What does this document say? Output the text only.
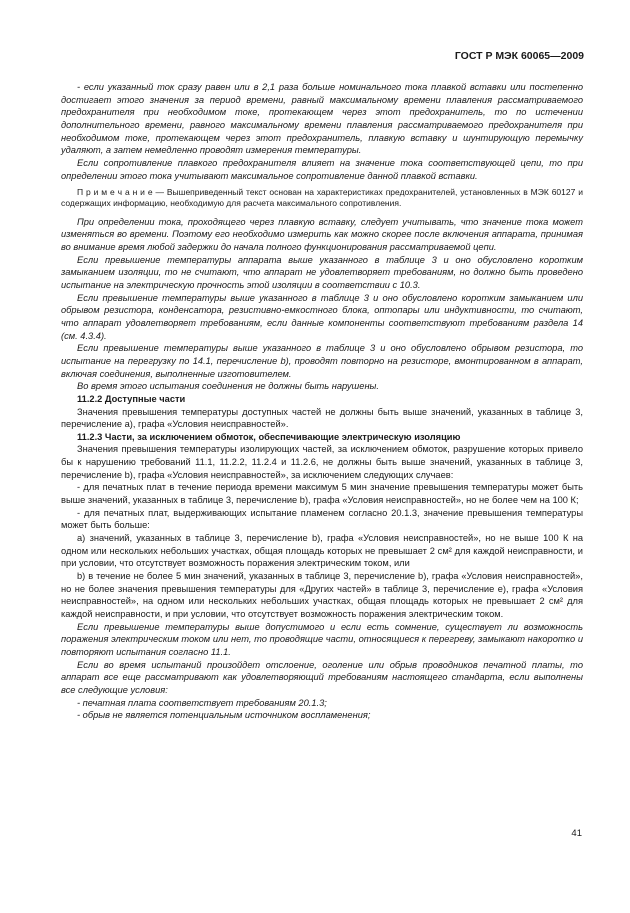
ГОСТ Р МЭК 60065—2009

- если указанный ток сразу равен или в 2,1 раза больше номинального тока плавкой вставки или постепенно достигает этого значения за период времени, равный максимальному времени плавления рассматриваемого предохранителя при необходимом токе, протекающем через этот предохранитель, то по истечении дополнительного времени, равного максимальному времени плавления рассматриваемого предохранителя при необходимом токе, протекающем через этот предохранитель, плавкую вставку и шунтирующую перемычку удаляют, а затем немедленно проводят измерения температуры.

Если сопротивление плавкого предохранителя влияет на значение тока соответствующей цепи, то при определении этого тока учитывают максимальное сопротивление данной плавкой вставки.

П р и м е ч а н и е — Вышеприведенный текст основан на характеристиках предохранителей, установленных в МЭК 60127 и содержащих информацию, необходимую для расчета максимального сопротивления.

При определении тока, проходящего через плавкую вставку, следует учитывать, что значение тока может изменяться во времени. Поэтому его необходимо измерить как можно скорее после включения аппарата, принимая во внимание время любой задержки до начала полного функционирования рассматриваемой цепи.

Если превышение температуры аппарата выше указанного в таблице 3 и оно обусловлено коротким замыканием изоляции, то не считают, что аппарат не удовлетворяет требованиям, но должно быть проведено испытание на электрическую прочность этой изоляции в соответствии с 10.3.

Если превышение температуры выше указанного в таблице 3 и оно обусловлено коротким замыканием или обрывом резистора, конденсатора, резистивно-емкостного блока, оптопары или индуктивности, то считают, что аппарат удовлетворяет требованиям, если данные компоненты соответствуют требованиям раздела 14 (см. 4.3.4).

Если превышение температуры выше указанного в таблице 3 и оно обусловлено обрывом резистора, то испытание на перегрузку по 14.1, перечисление b), проводят повторно на резисторе, вмонтированном в аппарат, включая соединения, выполненные изготовителем.

Во время этого испытания соединения не должны быть нарушены.

11.2.2 Доступные части

Значения превышения температуры доступных частей не должны быть выше значений, указанных в таблице 3, перечисление а), графа «Условия неисправностей».

11.2.3 Части, за исключением обмоток, обеспечивающие электрическую изоляцию

Значения превышения температуры изолирующих частей, за исключением обмоток, разрушение которых привело бы к нарушению требований 11.1, 11.2.2, 11.2.4 и 11.2.6, не должны быть выше значений, указанных в таблице 3, перечисление b), графа «Условия неисправностей», за исключением следующих случаев:

- для печатных плат в течение периода времени максимум 5 мин значение превышения температуры может быть выше значений, указанных в таблице 3, перечисление b), графа «Условия неисправностей», но не более чем на 100 К;

- для печатных плат, выдерживающих испытание пламенем согласно 20.1.3, значение превышения температуры может быть больше:

а) значений, указанных в таблице 3, перечисление b), графа «Условия неисправностей», но не выше 100 К на одном или нескольких небольших участках, общая площадь которых не превышает 2 см² для каждой неисправности, и при условии, что отсутствует возможность поражения электрическим током, или

b) в течение не более 5 мин значений, указанных в таблице 3, перечисление b), графа «Условия неисправностей», но не более значения превышения температуры для «Других частей» в таблице 3, перечисление е), графа «Условия неисправностей», на одном или нескольких небольших участках, общая площадь которых не превышает 2 см² для каждой неисправности, и при условии, что отсутствует возможность поражения электрическим током.

Если превышение температуры выше допустимого и если есть сомнение, существует ли возможность поражения электрическим током или нет, то проводящие части, относящиеся к перегреву, замыкают накоротко и повторяют испытания согласно 11.1.

Если во время испытаний произойдет отслоение, оголение или обрыв проводников печатной платы, то аппарат все еще рассматривают как удовлетворяющий требованиям настоящего стандарта, если выполнены все следующие условия:

- печатная плата соответствует требованиям 20.1.3;

- обрыв не является потенциальным источником воспламенения;

41
